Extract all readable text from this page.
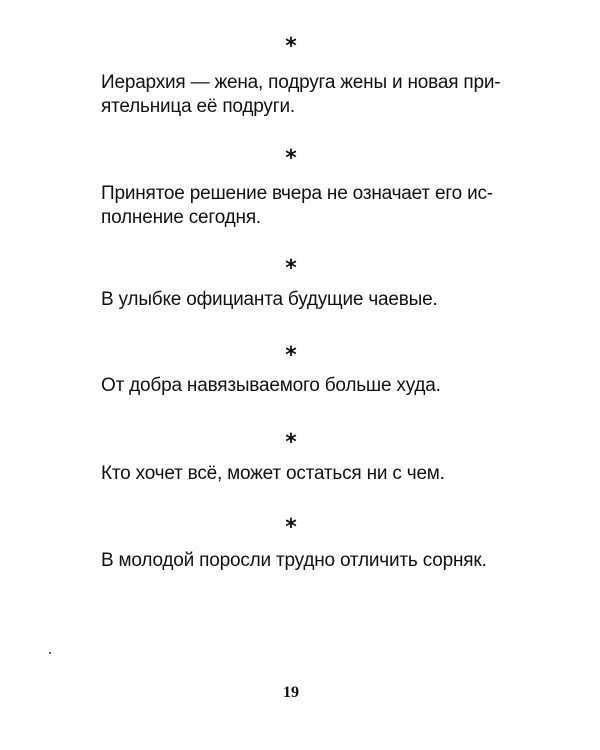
*
Иерархия — жена, подруга жены и новая при-
ятельница её подруги.
*
Принятое решение вчера не означает его ис-
полнение сегодня.
*
В улыбке официанта будущие чаевые.
*
От добра навязываемого больше худа.
*
Кто хочет всё, может остаться ни с чем.
*
В молодой поросли трудно отличить сорняк.
19
